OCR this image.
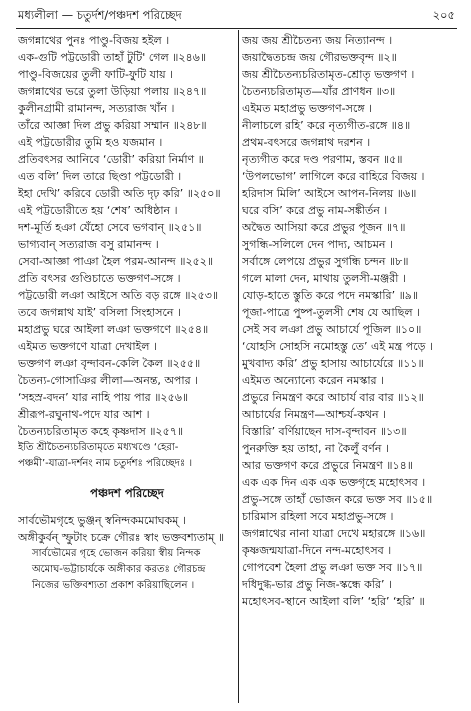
মধ্যলীলা — চতুর্দশ/পঞ্চদশ পরিচ্ছেদ	২০৫
জগন্নাথের পুনঃ পাণ্ডু-বিজয় হইল ।
এক-গুটি পট্টডোরী তাহাঁ টুটি' গেল ॥২৪৬॥
পাণ্ডু-বিজয়ের তুলী ফাটি-ফুটি যায় ।
জগন্নাথের ভরে তুলা উড়িয়া পলায় ॥২৪৭॥
কুলীনগ্রামী রামানন্দ, সত্যরাজ খাঁন ।
তাঁরে আজ্ঞা দিল প্রভু করিয়া সম্মান ॥২৪৮॥
এই পট্টডোরীর তুমি হও যজমান ।
প্রতিবৎসর আনিবে ‘ডোরী’ করিয়া নির্মাণ ॥
এত বলি’ দিল তারে ছিণ্ডা পট্টডোরী ।
ইহা দেখি’ করিবে ডোরী অতি দৃঢ় করি’ ॥২৫০॥
এই পট্টডোরীতে হয় ‘শেষ’ অধিষ্ঠান ।
দশ-মূর্তি হঞা যেঁহো সেবে ভগবান্ ॥২৫১॥
ভাগ্যবান্ সত্যরাজ বসু রামানন্দ ।
সেবা-আজ্ঞা পাঞা হৈল পরম-আনন্দ ॥২৫২॥
প্রতি বৎসর গুণ্ডিচাতে ভক্তগণ-সঙ্গে ।
পট্টডোরী লঞা আইসে অতি বড় রঙ্গে ॥২৫৩॥
তবে জগন্নাথ যাই’ বসিলা সিংহাসনে ।
মহাপ্রভু ঘরে আইলা লঞা ভক্তগণে ॥২৫৪॥
এইমত ভক্তগণে যাত্রা দেখাইল ।
ভক্তগণ লঞা বৃন্দাবন-কেলি কৈল ॥২৫৫॥
চৈতন্য-গোসাঞির লীলা—অনন্ত, অপার ।
‘সহস্র-বদন’ যার নাহি পায় পার ॥২৫৬॥
শ্রীরূপ-রঘুনাথ-পদে যার আশ ।
চৈতন্যচরিতামৃত কহে কৃষ্ণদাস ॥২৫৭॥
ইতি শ্রীচৈতন্যচরিতামৃতে মধ্যখণ্ডে ‘হেরা-
পঞ্চমী’-যাত্রা-দর্শনং নাম চতুর্দশঃ পরিচ্ছেদঃ ।
পঞ্চদশ পরিচ্ছেদ
সার্বভৌমগৃহে ভুঞ্জন্ স্বনিন্দকমমোঘকম্ ।
অঙ্গীকুর্বন্ স্ফুটাং চক্রে গৌরঃ স্বাং ভক্তবশ্যতাম্ ॥
সার্বভৌমের গৃহে ভোজন করিয়া স্বীয় নিন্দক
অমোঘ-ভট্টাচার্যকে অঙ্গীকার করতঃ গৌরচন্দ্র
নিজের ভক্তিবশ্যতা প্রকাশ করিয়াছিলেন ।
জয় জয় শ্রীচৈতন্য জয় নিত্যানন্দ ।
জয়াদ্বৈতচন্দ্র জয় গৌরভক্তবৃন্দ ॥২॥
জয় শ্রীচৈতন্যচরিতামৃত-শ্রোতৃ ভক্তগণ ।
চৈতন্যচরিতামৃত—যাঁর প্রাণধন ॥৩॥
এইমত মহাপ্রভু ভক্তগণ-সঙ্গে ।
নীলাচলে রহি’ করে নৃত্যগীত-রঙ্গে ॥৪॥
প্রথম-বৎসরে জগন্নাথ দরশন ।
নৃত্যগীত করে দণ্ড পরণাম, স্তবন ॥৫॥
‘উপলভোগ’ লাগিলে করে বাহিরে বিজয় ।
হরিদাস মিলি’ আইসে আপন-নিলয় ॥৬॥
ঘরে বসি’ করে প্রভু নাম-সঙ্কীর্তন ।
অদ্বৈত আসিয়া করে প্রভুর পূজন ॥৭॥
সুগন্ধি-সলিলে দেন পাদ্য, আচমন ।
সর্বাঙ্গে লেপয়ে প্রভুর সুগন্ধি চন্দন ॥৮॥
গলে মালা দেন, মাথায় তুলসী-মঞ্জরী ।
যোড়-হাতে স্তুতি করে পদে নমস্কারি’ ॥৯॥
পূজা-পাত্রে পুষ্প-তুলসী শেষ যে আছিল ।
সেই সব লঞা প্রভু আচার্যে পূজিল ॥১০॥
‘যোহসি সোহসি নমোহস্তু তে’ এই মন্ত্র পড়ে ।
মুখবাদ্য করি’ প্রভু হাসায় আচার্যেরে ॥১১॥
এইমত অন্যোন্যে করেন নমস্কার ।
প্রভুরে নিমন্ত্রণ করে আচার্য বার বার ॥১২॥
আচার্যের নিমন্ত্রণ—আশ্চর্য-কথন ।
বিস্তারি’ বর্ণিয়াছেন দাস-বৃন্দাবন ॥১৩॥
পুনরুক্তি হয় তাহা, না কৈলুঁ বর্ণন ।
আর ভক্তগণ করে প্রভুরে নিমন্ত্রণ ॥১৪॥
এক এক দিন এক এক ভক্তগৃহে মহোৎসব ।
প্রভু-সঙ্গে তাহাঁ ভোজন করে ভক্ত সব ॥১৫॥
চারিমাস রহিলা সবে মহাপ্রভু-সঙ্গে ।
জগন্নাথের নানা যাত্রা দেখে মহারঙ্গে ॥১৬॥
কৃষ্ণজন্মযাত্রা-দিনে নন্দ-মহোৎসব ।
গোপবেশ হৈলা প্রভু লঞা ভক্ত সব ॥১৭॥
দধিদুগ্ধ-ভার প্রভু নিজ-স্কন্ধে করি’ ।
মহোৎসব-স্থানে আইলা বলি’ ‘হরি’ ‘হরি’ ॥
